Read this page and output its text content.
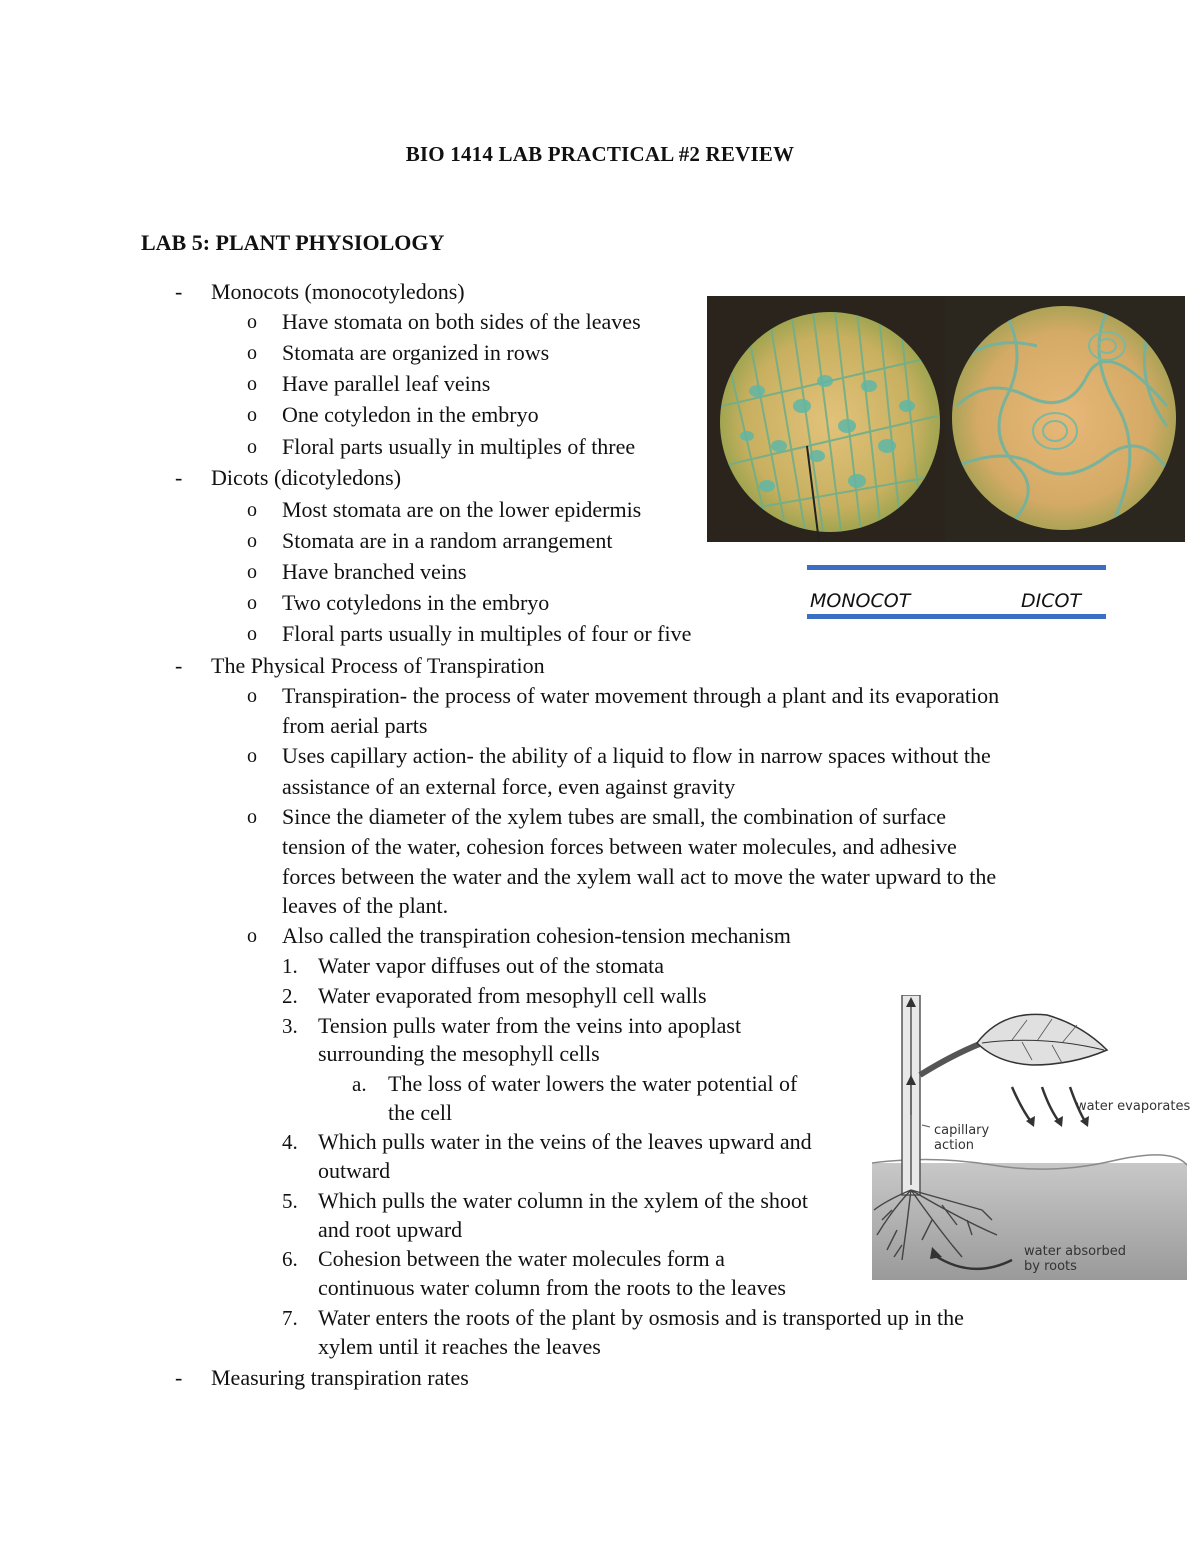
BIO 1414 LAB PRACTICAL #2 REVIEW
LAB 5: PLANT PHYSIOLOGY
- Monocots (monocotyledons)
o Have stomata on both sides of the leaves
o Stomata are organized in rows
o Have parallel leaf veins
o One cotyledon in the embryo
o Floral parts usually in multiples of three
- Dicots (dicotyledons)
o Most stomata are on the lower epidermis
o Stomata are in a random arrangement
o Have branched veins
o Two cotyledons in the embryo
o Floral parts usually in multiples of four or five
- The Physical Process of Transpiration
o Transpiration- the process of water movement through a plant and its evaporation
from aerial parts
o Uses capillary action- the ability of a liquid to flow in narrow spaces without the
assistance of an external force, even against gravity
o Since the diameter of the xylem tubes are small, the combination of surface
tension of the water, cohesion forces between water molecules, and adhesive
forces between the water and the xylem wall act to move the water upward to the
leaves of the plant.
o Also called the transpiration cohesion-tension mechanism
1. Water vapor diffuses out of the stomata
2. Water evaporated from mesophyll cell walls
3. Tension pulls water from the veins into apoplast
surrounding the mesophyll cells
a. The loss of water lowers the water potential of
the cell
4. Which pulls water in the veins of the leaves upward and
outward
5. Which pulls the water column in the xylem of the shoot
and root upward
6. Cohesion between the water molecules form a
continuous water column from the roots to the leaves
7. Water enters the roots of the plant by osmosis and is transported up in the
xylem until it reaches the leaves
- Measuring transpiration rates
MONOCOT	DICOT
water evaporates
capillary
action
water absorbed
by roots
